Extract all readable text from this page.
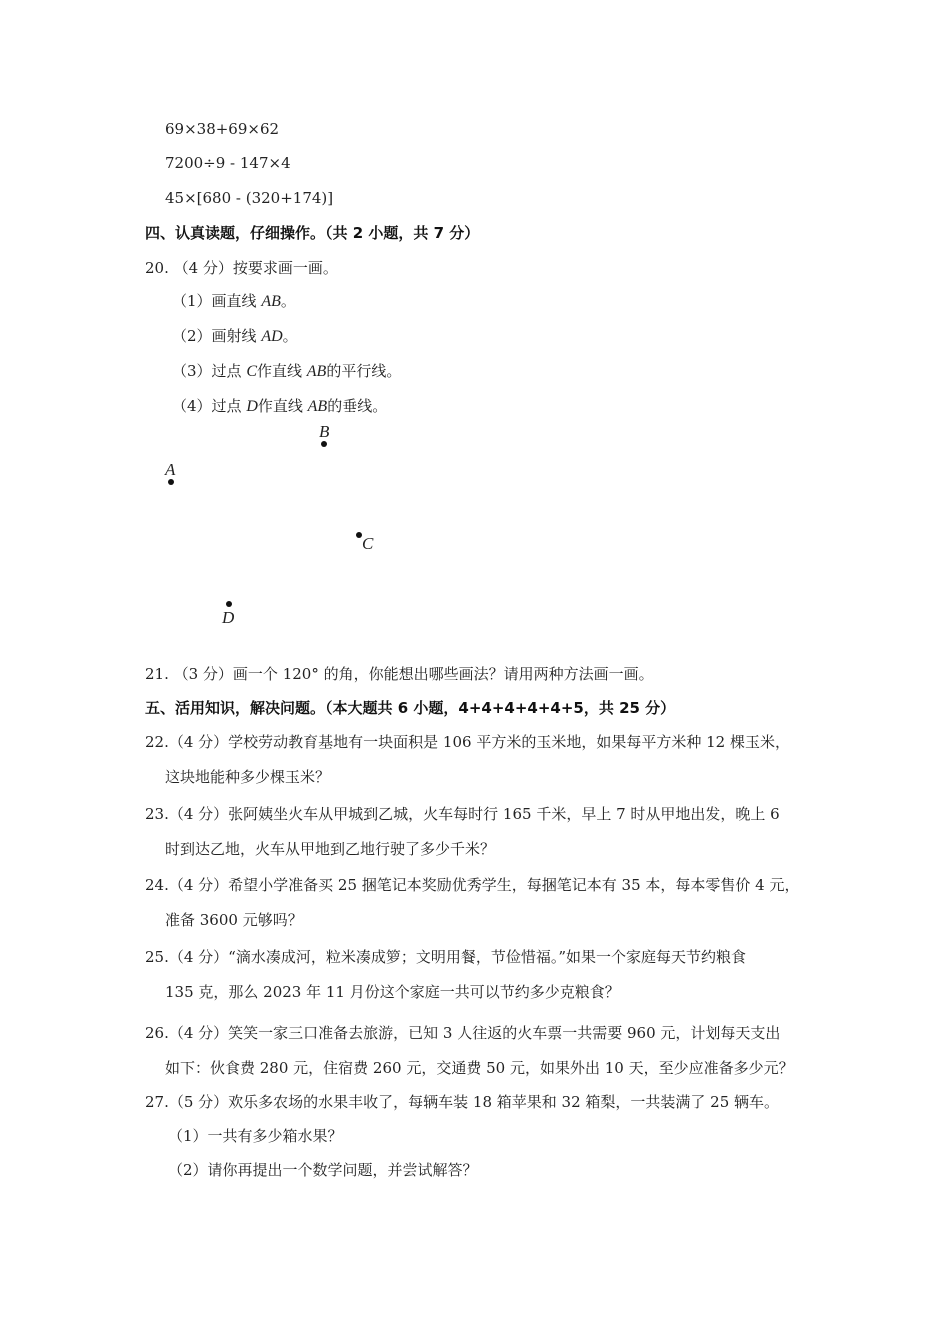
69×38+69×62
7200÷9 - 147×4
45×[680 - (320+174)]
四、认真读题，仔细操作。（共 2 小题，共 7 分）
20. （4 分）按要求画一画。
（1）画直线 AB。
（2）画射线 AD。
（3）过点 C作直线 AB的平行线。
（4）过点 D作直线 AB的垂线。
B
A
C
D
21. （3 分）画一个 120° 的角，你能想出哪些画法？请用两种方法画一画。
五、活用知识，解决问题。（本大题共 6 小题，4+4+4+4+4+5，共 25 分）
22.（4 分）学校劳动教育基地有一块面积是 106 平方米的玉米地，如果每平方米种 12 棵玉米，
这块地能种多少棵玉米？
23.（4 分）张阿姨坐火车从甲城到乙城，火车每时行 165 千米，早上 7 时从甲地出发，晚上 6
时到达乙地，火车从甲地到乙地行驶了多少千米？
24.（4 分）希望小学准备买 25 捆笔记本奖励优秀学生，每捆笔记本有 35 本，每本零售价 4 元，
准备 3600 元够吗？
25.（4 分）“滴水凑成河，粒米凑成箩；文明用餐，节俭惜福。”如果一个家庭每天节约粮食
135 克，那么 2023 年 11 月份这个家庭一共可以节约多少克粮食？
26.（4 分）笑笑一家三口准备去旅游，已知 3 人往返的火车票一共需要 960 元，计划每天支出
如下：伙食费 280 元，住宿费 260 元，交通费 50 元，如果外出 10 天，至少应准备多少元？
27.（5 分）欢乐多农场的水果丰收了，每辆车装 18 箱苹果和 32 箱梨，一共装满了 25 辆车。
（1）一共有多少箱水果？
（2）请你再提出一个数学问题，并尝试解答？
